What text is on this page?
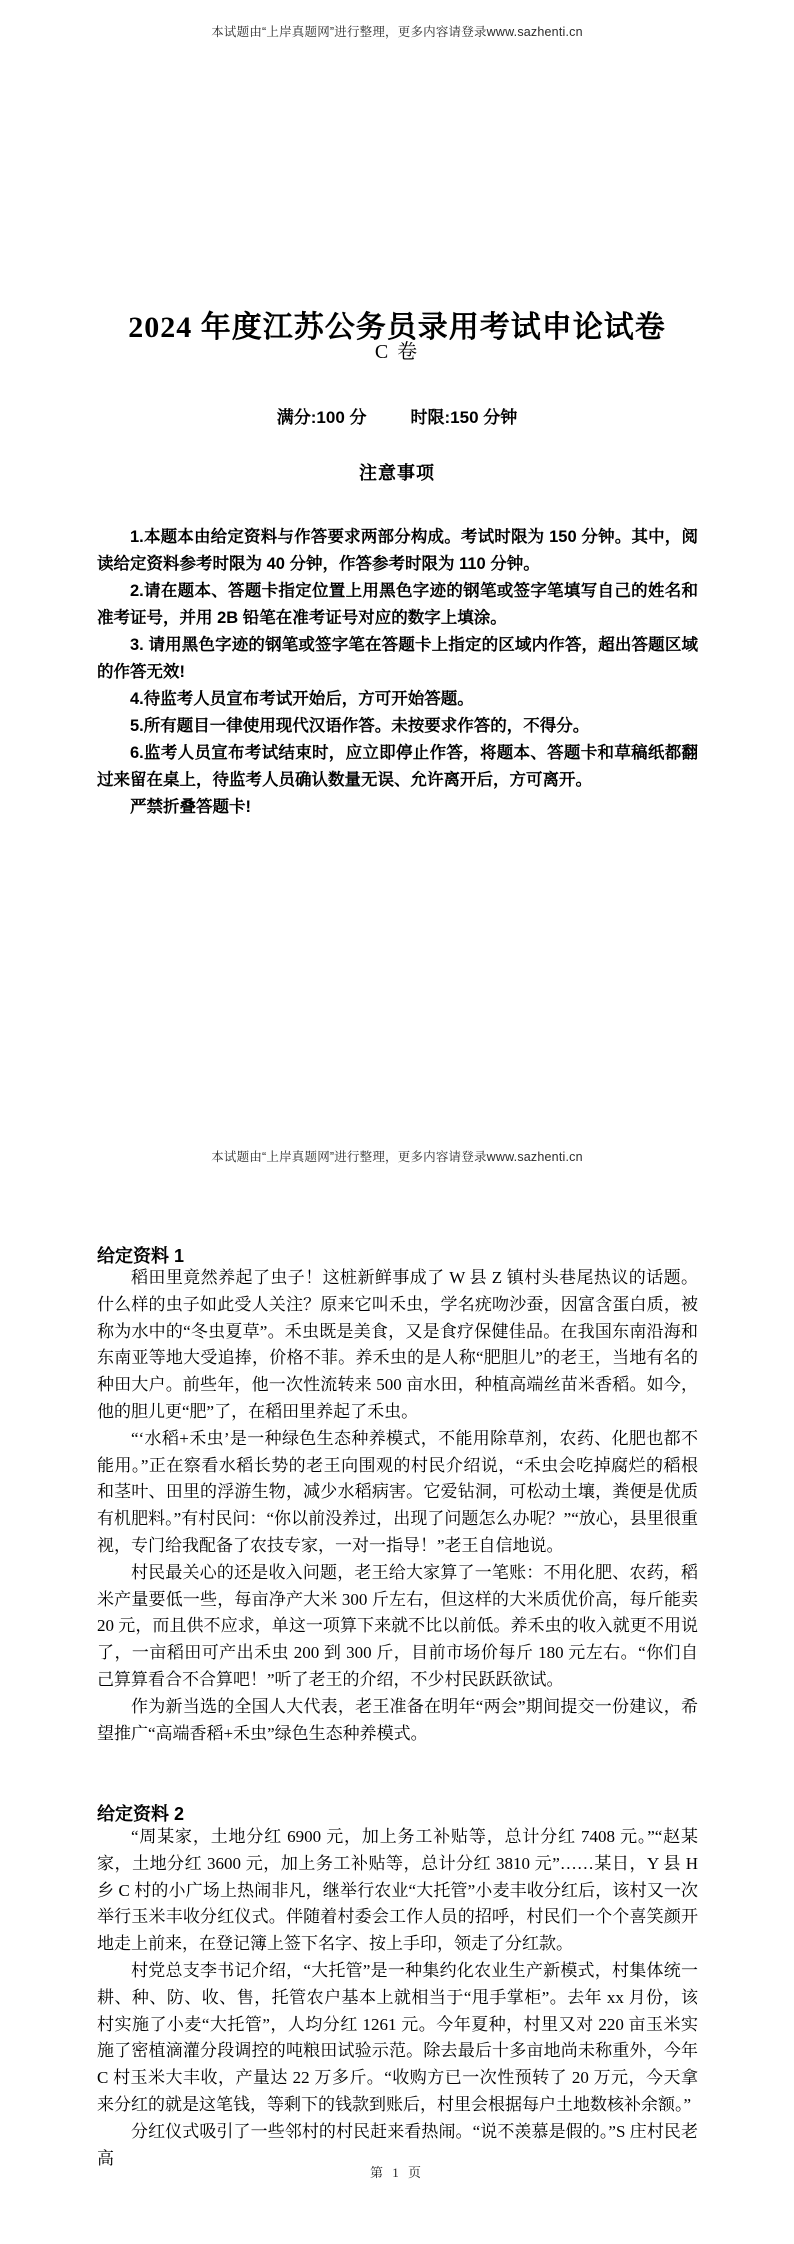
本试题由“上岸真题网”进行整理，更多内容请登录www.sazhenti.cn
2024 年度江苏公务员录用考试申论试卷
C 卷
满分:100 分	时限:150 分钟
注意事项

1.本题本由给定资料与作答要求两部分构成。考试时限为 150 分钟。其中，阅读给定资料参考时限为 40 分钟，作答参考时限为 110 分钟。

2.请在题本、答题卡指定位置上用黑色字迹的钢笔或签字笔填写自己的姓名和准考证号，并用 2B 铅笔在准考证号对应的数字上填涂。

3. 请用黑色字迹的钢笔或签字笔在答题卡上指定的区域内作答，超出答题区域的作答无效!

4.待监考人员宣布考试开始后，方可开始答题。

5.所有题目一律使用现代汉语作答。未按要求作答的，不得分。

6.监考人员宣布考试结束时，应立即停止作答，将题本、答题卡和草稿纸都翻过来留在桌上，待监考人员确认数量无误、允许离开后，方可离开。

严禁折叠答题卡!

本试题由“上岸真题网”进行整理，更多内容请登录www.sazhenti.cn
给定资料 1

稻田里竟然养起了虫子！这桩新鲜事成了 W 县 Z 镇村头巷尾热议的话题。什么样的虫子如此受人关注？原来它叫禾虫，学名疣吻沙蚕，因富含蛋白质，被称为水中的“冬虫夏草”。禾虫既是美食，又是食疗保健佳品。在我国东南沿海和东南亚等地大受追捧，价格不菲。养禾虫的是人称“肥胆儿”的老王，当地有名的种田大户。前些年，他一次性流转来 500 亩水田，种植高端丝苗米香稻。如今，他的胆儿更“肥”了，在稻田里养起了禾虫。

“‘水稻+禾虫’是一种绿色生态种养模式，不能用除草剂，农药、化肥也都不能用。”正在察看水稻长势的老王向围观的村民介绍说，“禾虫会吃掉腐烂的稻根和茎叶、田里的浮游生物，减少水稻病害。它爱钻洞，可松动土壤，粪便是优质有机肥料。”有村民问：“你以前没养过，出现了问题怎么办呢？”“放心，县里很重视，专门给我配备了农技专家，一对一指导！”老王自信地说。

村民最关心的还是收入问题，老王给大家算了一笔账：不用化肥、农药，稻米产量要低一些，每亩净产大米 300 斤左右，但这样的大米质优价高，每斤能卖 20 元，而且供不应求，单这一项算下来就不比以前低。养禾虫的收入就更不用说了，一亩稻田可产出禾虫 200 到 300 斤，目前市场价每斤 180 元左右。“你们自己算算看合不合算吧！”听了老王的介绍，不少村民跃跃欲试。

作为新当选的全国人大代表，老王准备在明年“两会”期间提交一份建议，希望推广“高端香稻+禾虫”绿色生态种养模式。

给定资料 2

“周某家，土地分红 6900 元，加上务工补贴等，总计分红 7408 元。”“赵某家，土地分红 3600 元，加上务工补贴等，总计分红 3810 元”……某日，Y 县 H 乡 C 村的小广场上热闹非凡，继举行农业“大托管”小麦丰收分红后，该村又一次举行玉米丰收分红仪式。伴随着村委会工作人员的招呼，村民们一个个喜笑颜开地走上前来，在登记簿上签下名字、按上手印，领走了分红款。

村党总支李书记介绍，“大托管”是一种集约化农业生产新模式，村集体统一耕、种、防、收、售，托管农户基本上就相当于“甩手掌柜”。去年 xx 月份，该村实施了小麦“大托管”，人均分红 1261 元。今年夏种，村里又对 220 亩玉米实施了密植滴灌分段调控的吨粮田试验示范。除去最后十多亩地尚未称重外，今年 C 村玉米大丰收，产量达 22 万多斤。“收购方已一次性预转了 20 万元，今天拿来分红的就是这笔钱，等剩下的钱款到账后，村里会根据每户土地数核补余额。”

分红仪式吸引了一些邻村的村民赶来看热闹。“说不羡慕是假的。”S 庄村民老高

第 1 页
